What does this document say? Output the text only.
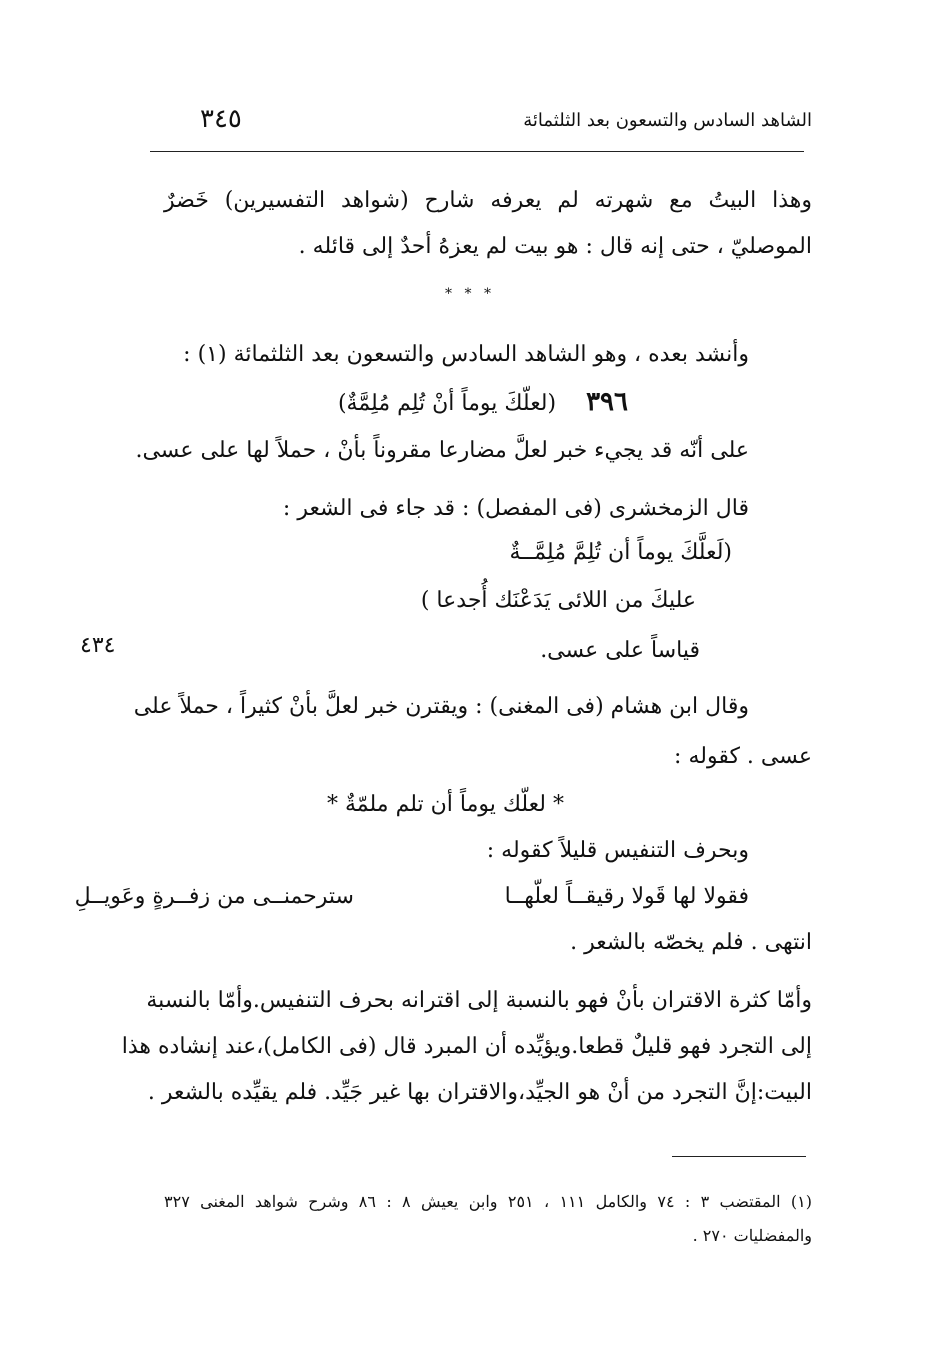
الشاهد السادس والتسعون بعد الثلثمائة
٣٤٥
وهذا البيتُ مع شهرته لم يعرفه شارح (شواهد التفسيرين) خَضرٌ
الموصليّ ، حتى إنه قال : هو بيت لم يعزهُ أحدٌ إلى قائله .
* * *
وأنشد بعده ، وهو الشاهد السادس والتسعون بعد الثلثمائة (١) :
٣٩٦  (لعلّكَ يوماً أنْ تُلِم مُلِمَّةٌ)
على أنّه قد يجيء خبر لعلَّ مضارعا مقروناً بأنْ ، حملاً لها على عسى.
قال الزمخشرى (فى المفصل) : قد جاء فى الشعر :
(لَعلَّكَ يوماً أن تُلِمَّ مُلِمَّــةٌ
عليكَ من اللائى يَدَعْنَك أُجدعا )
قياساً على عسى.
٤٣٤
وقال ابن هشام (فى المغنى) : ويقترن خبر لعلَّ بأنْ كثيراً ، حملاً على
عسى . كقوله :
* لعلّك يوماً أن تلم ملمّةٌ *
وبحرف التنفيس قليلاً كقوله :
فقولا لها قَولا رقيقــاً لعلّهــا
سترحمنــى من زفــرةٍ وعَويــلِ
انتهى . فلم يخصّه بالشعر .
وأمّا كثرة الاقتران بأنْ فهو بالنسبة إلى اقترانه بحرف التنفيس.وأمّا بالنسبة
إلى التجرد فهو قليلٌ قطعا.ويؤيِّده أن المبرد قال (فى الكامل)،عند إنشاده هذا
البيت:إنَّ التجرد من أنْ هو الجيِّد،والاقتران بها غير جَيِّد. فلم يقيِّده بالشعر .
(١) المقتضب ٣ : ٧٤ والكامل ١١١ ، ٢٥١ وابن يعيش ٨ : ٨٦ وشرح شواهد المغنى ٣٢٧
والمفضليات ٢٧٠ .
